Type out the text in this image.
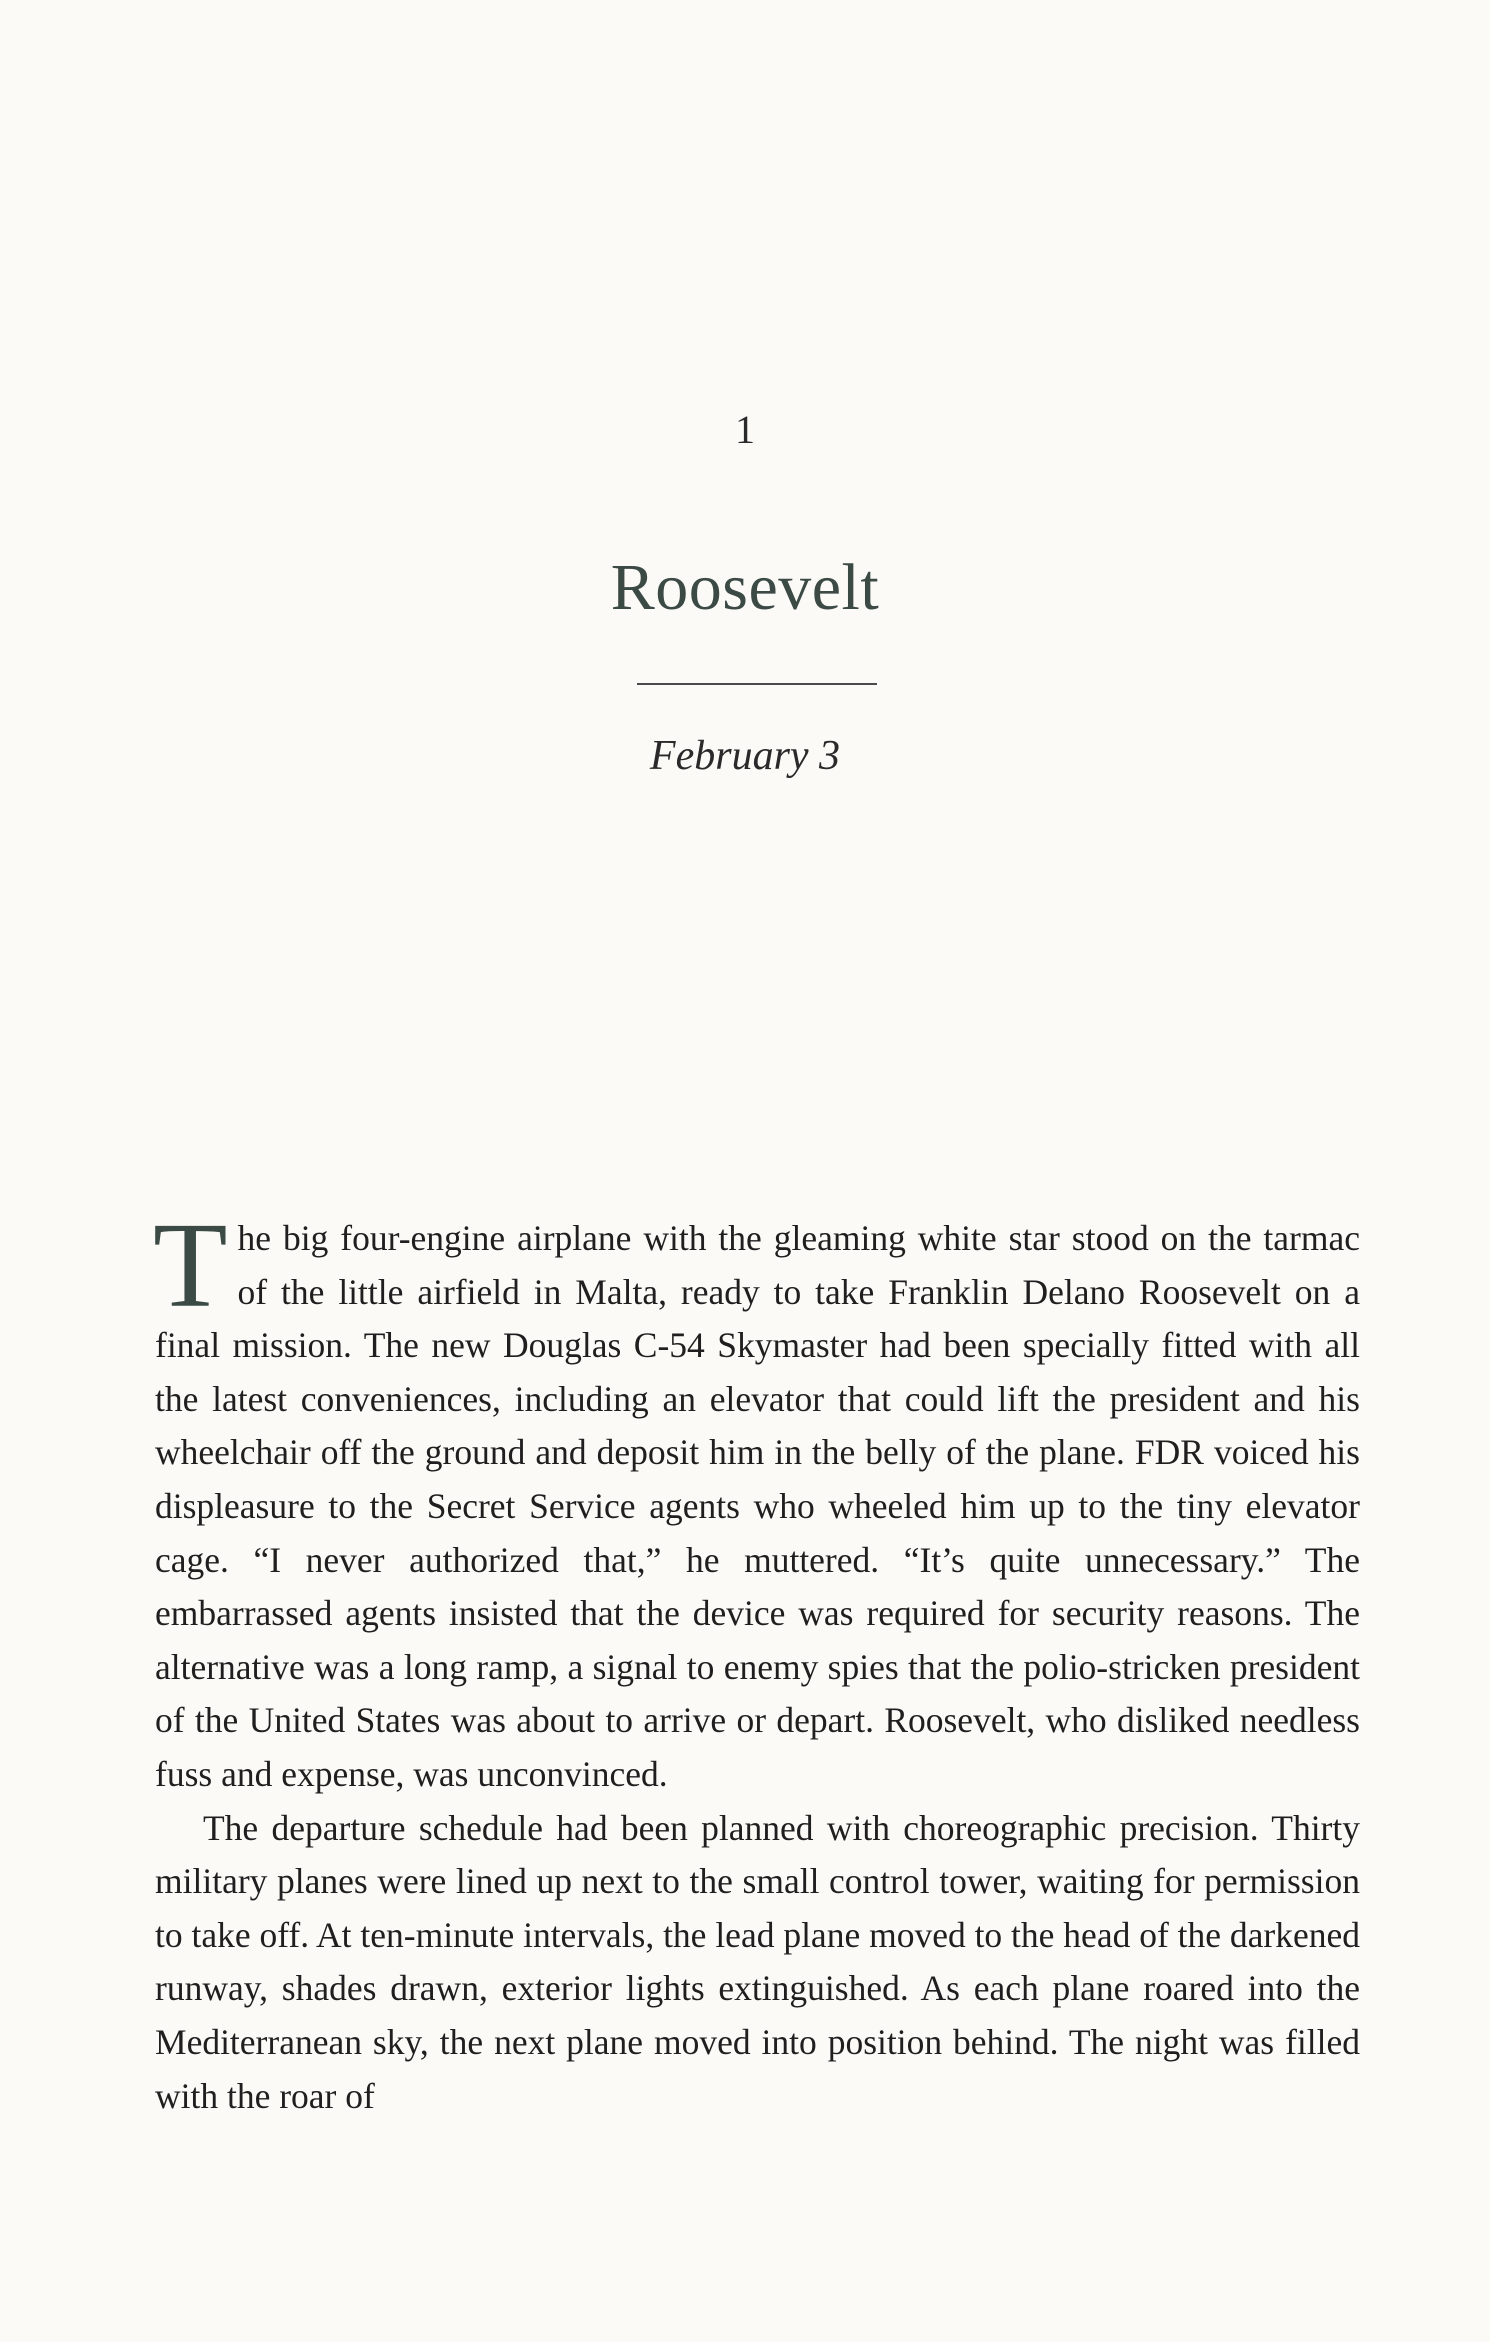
1
Roosevelt
February 3

The big four-engine airplane with the gleaming white star stood on the tarmac of the little airfield in Malta, ready to take Franklin Delano Roosevelt on a final mission. The new Douglas C-54 Skymaster had been specially fitted with all the latest conveniences, including an elevator that could lift the president and his wheelchair off the ground and deposit him in the belly of the plane. FDR voiced his displeasure to the Secret Service agents who wheeled him up to the tiny elevator cage. “I never authorized that,” he muttered. “It’s quite unnecessary.” The embarrassed agents insisted that the device was required for security reasons. The alternative was a long ramp, a signal to enemy spies that the polio-stricken president of the United States was about to arrive or depart. Roosevelt, who disliked needless fuss and expense, was unconvinced.

The departure schedule had been planned with choreographic precision. Thirty military planes were lined up next to the small control tower, waiting for permission to take off. At ten-minute intervals, the lead plane moved to the head of the darkened runway, shades drawn, exterior lights extinguished. As each plane roared into the Mediterranean sky, the next plane moved into position behind. The night was filled with the roar of
